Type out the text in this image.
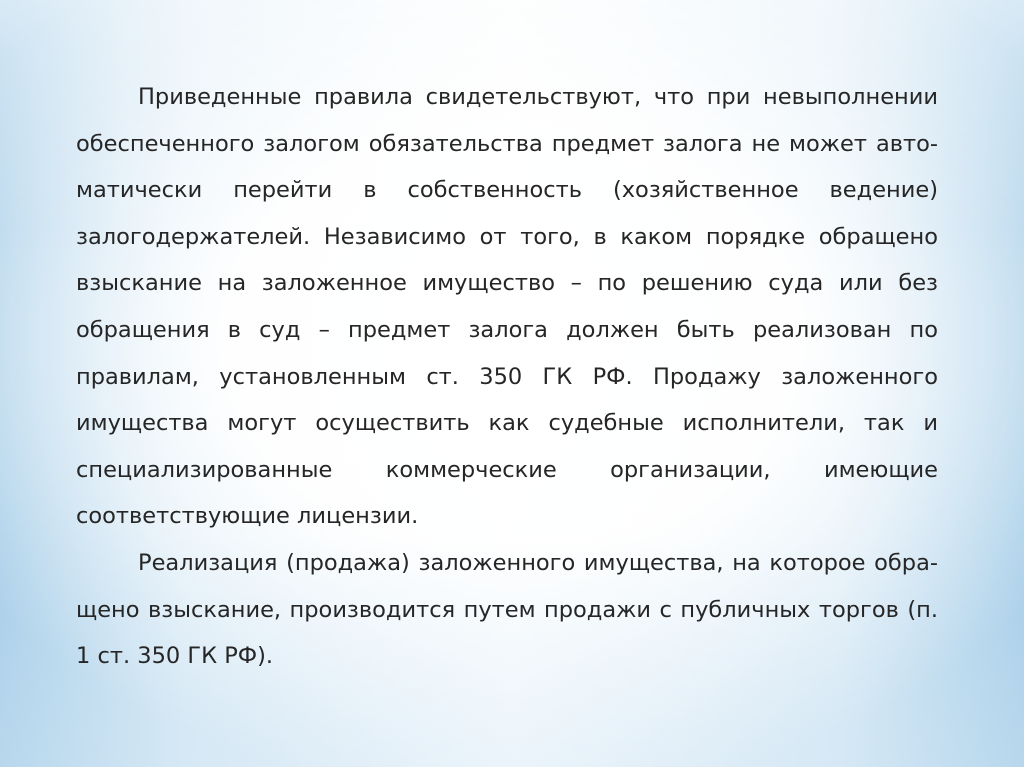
Приведенные правила свидетельствуют, что при невыполнении
обеспеченного залогом обязательства предмет залога не может авто-
матически перейти в собственность (хозяйственное ведение)
залогодержателей. Независимо от того, в каком порядке обращено
взыскание на заложенное имущество – по решению суда или без
обращения в суд – предмет залога должен быть реализован по
правилам, установленным ст. 350 ГК РФ. Продажу заложенного
имущества могут осуществить как судебные исполнители, так и
специализированные коммерческие организации, имеющие
соответствующие лицензии.
Реализация (продажа) заложенного имущества, на которое обра-
щено взыскание, производится путем продажи с публичных торгов (п.
1 ст. 350 ГК РФ).
